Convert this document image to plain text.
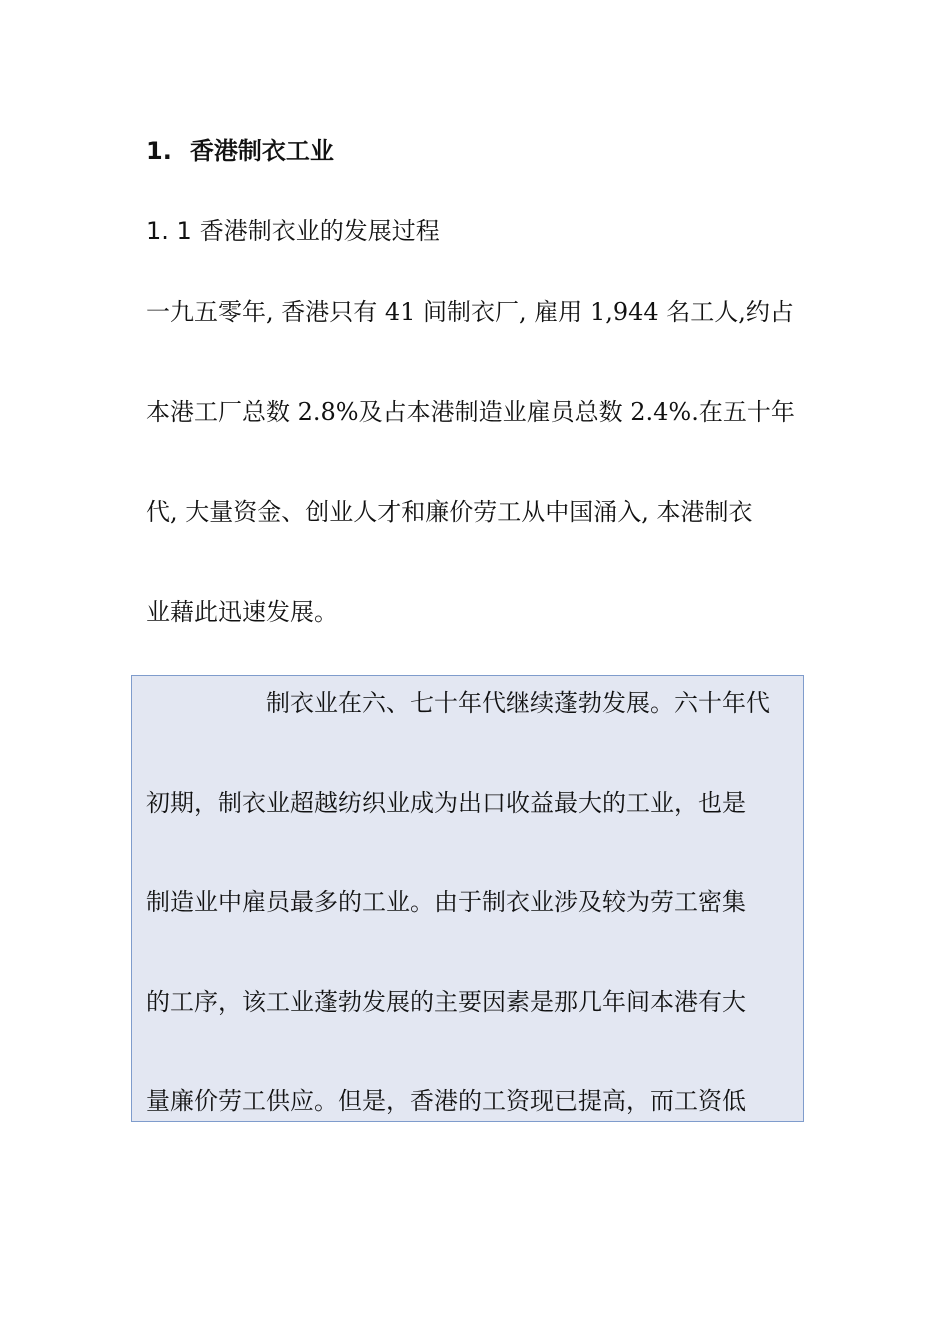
1. 香港制衣工业
1. 1 香港制衣业的发展过程
一九五零年, 香港只有 41 间制衣厂, 雇用 1,944 名工人,约占
本港工厂总数 2.8%及占本港制造业雇员总数 2.4%.在五十年
代, 大量资金、创业人才和廉价劳工从中国涌入, 本港制衣
业藉此迅速发展。
制衣业在六、七十年代继续蓬勃发展。六十年代
初期，制衣业超越纺织业成为出口收益最大的工业，也是
制造业中雇员最多的工业。由于制衣业涉及较为劳工密集
的工序，该工业蓬勃发展的主要因素是那几年间本港有大
量廉价劳工供应。但是，香港的工资现已提高，而工资低
